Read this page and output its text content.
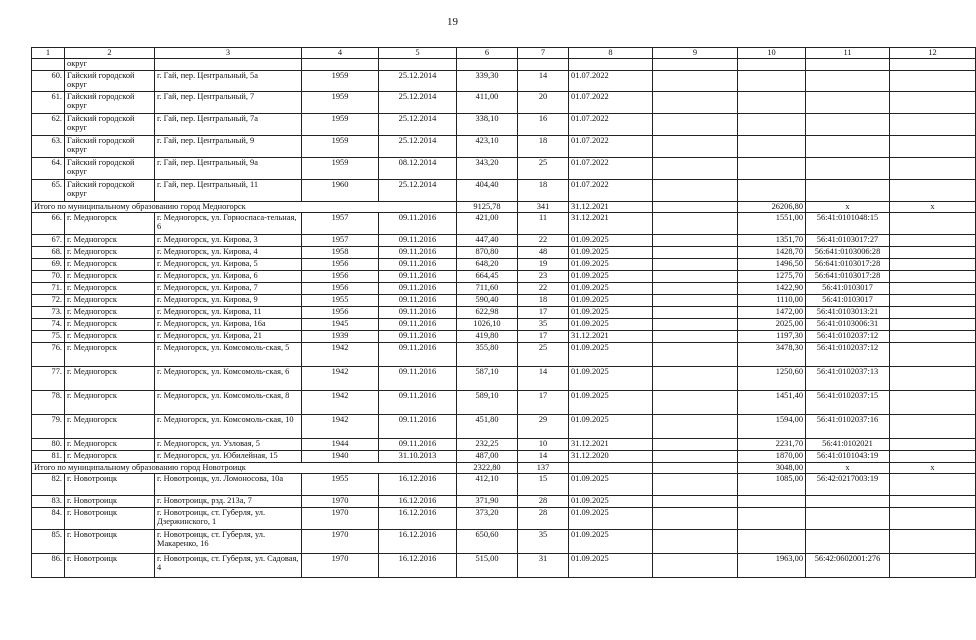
19
1	2	3	4	5	6	7	8	9	10	11	12
	округ										
60.	Гайский городской округ	г. Гай, пер. Центральный, 5а	1959	25.12.2014	339,30	14	01.07.2022				
61.	Гайский городской округ	г. Гай, пер. Центральный, 7	1959	25.12.2014	411,00	20	01.07.2022				
62.	Гайский городской округ	г. Гай, пер. Центральный, 7а	1959	25.12.2014	338,10	16	01.07.2022				
63.	Гайский городской округ	г. Гай, пер. Центральный, 9	1959	25.12.2014	423,10	18	01.07.2022				
64.	Гайский городской округ	г. Гай, пер. Центральный, 9а	1959	08.12.2014	343,20	25	01.07.2022				
65.	Гайский городской округ	г. Гай, пер. Центральный, 11	1960	25.12.2014	404,40	18	01.07.2022				
Итого по муниципальному образованию город Медногорск					9125,78	341	31.12.2021		26206,80	x	x
66.	г. Медногорск	г. Медногорск, ул. Горноспаса-тельная, 6	1957	09.11.2016	421,00	11	31.12.2021		1551,00	56:41:0101048:15	
67.	г. Медногорск	г. Медногорск, ул. Кирова, 3	1957	09.11.2016	447,40	22	01.09.2025		1351,70	56:41:0103017:27	
68.	г. Медногорск	г. Медногорск, ул. Кирова, 4	1958	09.11.2016	870,80	48	01.09.2025		1428,70	56:641:0103006:28	
69.	г. Медногорск	г. Медногорск, ул. Кирова, 5	1956	09.11.2016	648,20	19	01.09.2025		1496,50	56:641:0103017:28	
70.	г. Медногорск	г. Медногорск, ул. Кирова, 6	1956	09.11.2016	664,45	23	01.09.2025		1275,70	56:641:0103017:28	
71.	г. Медногорск	г. Медногорск, ул. Кирова, 7	1956	09.11.2016	711,60	22	01.09.2025		1422,90	56:41:0103017	
72.	г. Медногорск	г. Медногорск, ул. Кирова, 9	1955	09.11.2016	590,40	18	01.09.2025		1110,00	56:41:0103017	
73.	г. Медногорск	г. Медногорск, ул. Кирова, 11	1956	09.11.2016	622,98	17	01.09.2025		1472,00	56:41:0103013:21	
74.	г. Медногорск	г. Медногорск, ул. Кирова, 16а	1945	09.11.2016	1026,10	35	01.09.2025		2025,00	56:41:0103006:31	
75.	г. Медногорск	г. Медногорск, ул. Кирова, 21	1939	09.11.2016	419,80	17	31.12.2021		1197,30	56:41:0102037:12	
76.	г. Медногорск	г. Медногорск, ул. Комсомоль-ская, 5	1942	09.11.2016	355,80	25	01.09.2025		3478,30	56:41:0102037:12	
77.	г. Медногорск	г. Медногорск, ул. Комсомоль-ская, 6	1942	09.11.2016	587,10	14	01.09.2025		1250,60	56:41:0102037:13	
78.	г. Медногорск	г. Медногорск, ул. Комсомоль-ская, 8	1942	09.11.2016	589,10	17	01.09.2025		1451,40	56:41:0102037:15	
79.	г. Медногорск	г. Медногорск, ул. Комсомоль-ская, 10	1942	09.11.2016	451,80	29	01.09.2025		1594,00	56:41:0102037:16	
80.	г. Медногорск	г. Медногорск, ул. Узловая, 5	1944	09.11.2016	232,25	10	31.12.2021		2231,70	56:41:0102021	
81.	г. Медногорск	г. Медногорск, ул. Юбилейная, 15	1940	31.10.2013	487,00	14	31.12.2020		1870,00	56:41:0101043:19	
Итого по муниципальному образованию город Новотроицк					2322,80	137			3048,00	x	x
82.	г. Новотроицк	г. Новотроицк, ул. Ломоносова, 10а	1955	16.12.2016	412,10	15	01.09.2025		1085,00	56:42:0217003:19	
83.	г. Новотроицк	г. Новотроицк, рзд. 213а, 7	1970	16.12.2016	371,90	28	01.09.2025				
84.	г. Новотроицк	г. Новотроицк, ст. Губерля, ул. Дзержинского, 1	1970	16.12.2016	373,20	28	01.09.2025				
85.	г. Новотроицк	г. Новотроицк, ст. Губерля, ул. Макаренко, 16	1970	16.12.2016	650,60	35	01.09.2025				
86.	г. Новотроицк	г. Новотроицк, ст. Губерля, ул. Садовая, 4	1970	16.12.2016	515,00	31	01.09.2025		1963,00	56:42:0602001:276	
